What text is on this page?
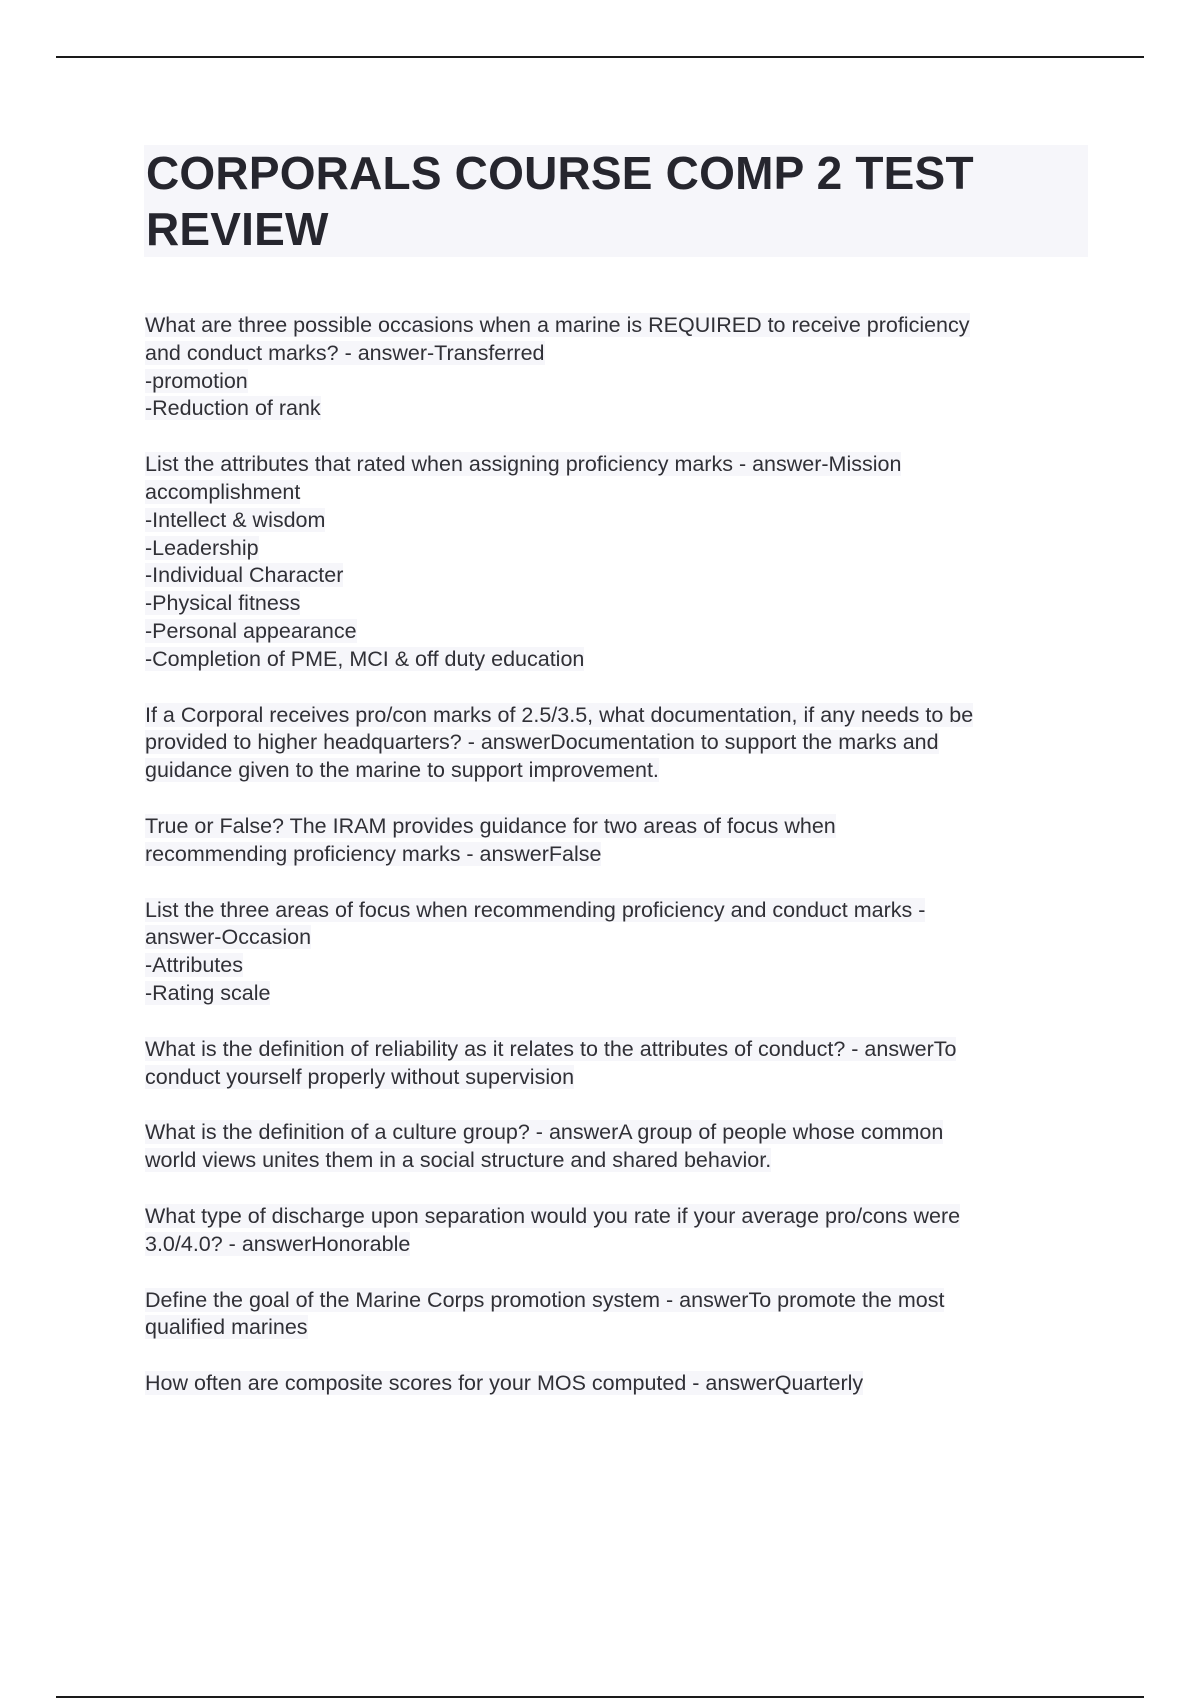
CORPORALS COURSE COMP 2 TEST
REVIEW
What are three possible occasions when a marine is REQUIRED to receive proficiency
and conduct marks? - answer-Transferred
-promotion
-Reduction of rank
List the attributes that rated when assigning proficiency marks - answer-Mission
accomplishment
-Intellect & wisdom
-Leadership
-Individual Character
-Physical fitness
-Personal appearance
-Completion of PME, MCI & off duty education
If a Corporal receives pro/con marks of 2.5/3.5, what documentation, if any needs to be
provided to higher headquarters? - answerDocumentation to support the marks and
guidance given to the marine to support improvement.
True or False? The IRAM provides guidance for two areas of focus when
recommending proficiency marks - answerFalse
List the three areas of focus when recommending proficiency and conduct marks -
answer-Occasion
-Attributes
-Rating scale
What is the definition of reliability as it relates to the attributes of conduct? - answerTo
conduct yourself properly without supervision
What is the definition of a culture group? - answerA group of people whose common
world views unites them in a social structure and shared behavior.
What type of discharge upon separation would you rate if your average pro/cons were
3.0/4.0? - answerHonorable
Define the goal of the Marine Corps promotion system - answerTo promote the most
qualified marines
How often are composite scores for your MOS computed - answerQuarterly
